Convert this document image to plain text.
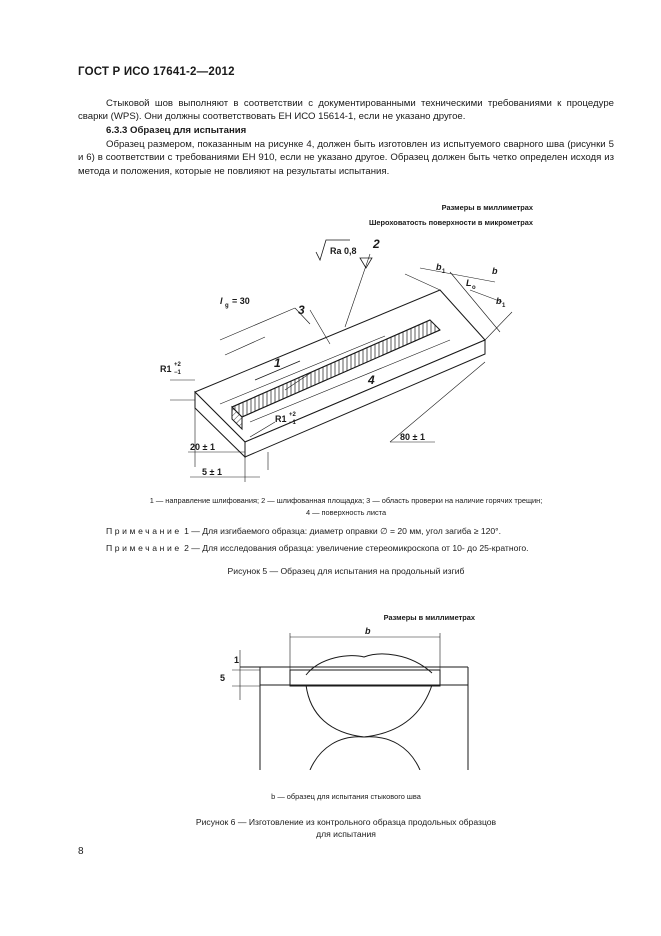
ГОСТ Р ИСО 17641-2—2012
Стыковой шов выполняют в соответствии с документированными техническими требованиями к процедуре сварки (WPS). Они должны соответствовать ЕН ИСО 15614-1, если не указано другое.
6.3.3 Образец для испытания
Образец размером, показанным на рисунке 4, должен быть изготовлен из испытуемого сварного шва (рисунки 5 и 6) в соответствии с требованиями ЕН 910, если не указано другое. Образец должен быть четко определен исходя из метода и положения, которые не повлияют на результаты испытания.
Размеры в миллиметрах
Шероховатость поверхности в микрометрах
Ra 0,8 2
3
1
4
l g = 30
b 1	b
L o
b 1
R1 +2
−1
R1 +2
−1
20 ± 1
5 ± 1
80 ± 1
1 — направление шлифования; 2 — шлифованная площадка; 3 — область проверки на наличие горячих трещин;
4 — поверхность листа
Примечание 1 — Для изгибаемого образца: диаметр оправки ∅ = 20 мм, угол загиба ≥ 120°.
Примечание 2 — Для исследования образца: увеличение стереомикроскопа от 10- до 25-кратного.
Рисунок 5 — Образец для испытания на продольный изгиб
Размеры в миллиметрах
b
1
5
b — образец для испытания стыкового шва
Рисунок 6 — Изготовление из контрольного образца продольных образцов
для испытания
8
